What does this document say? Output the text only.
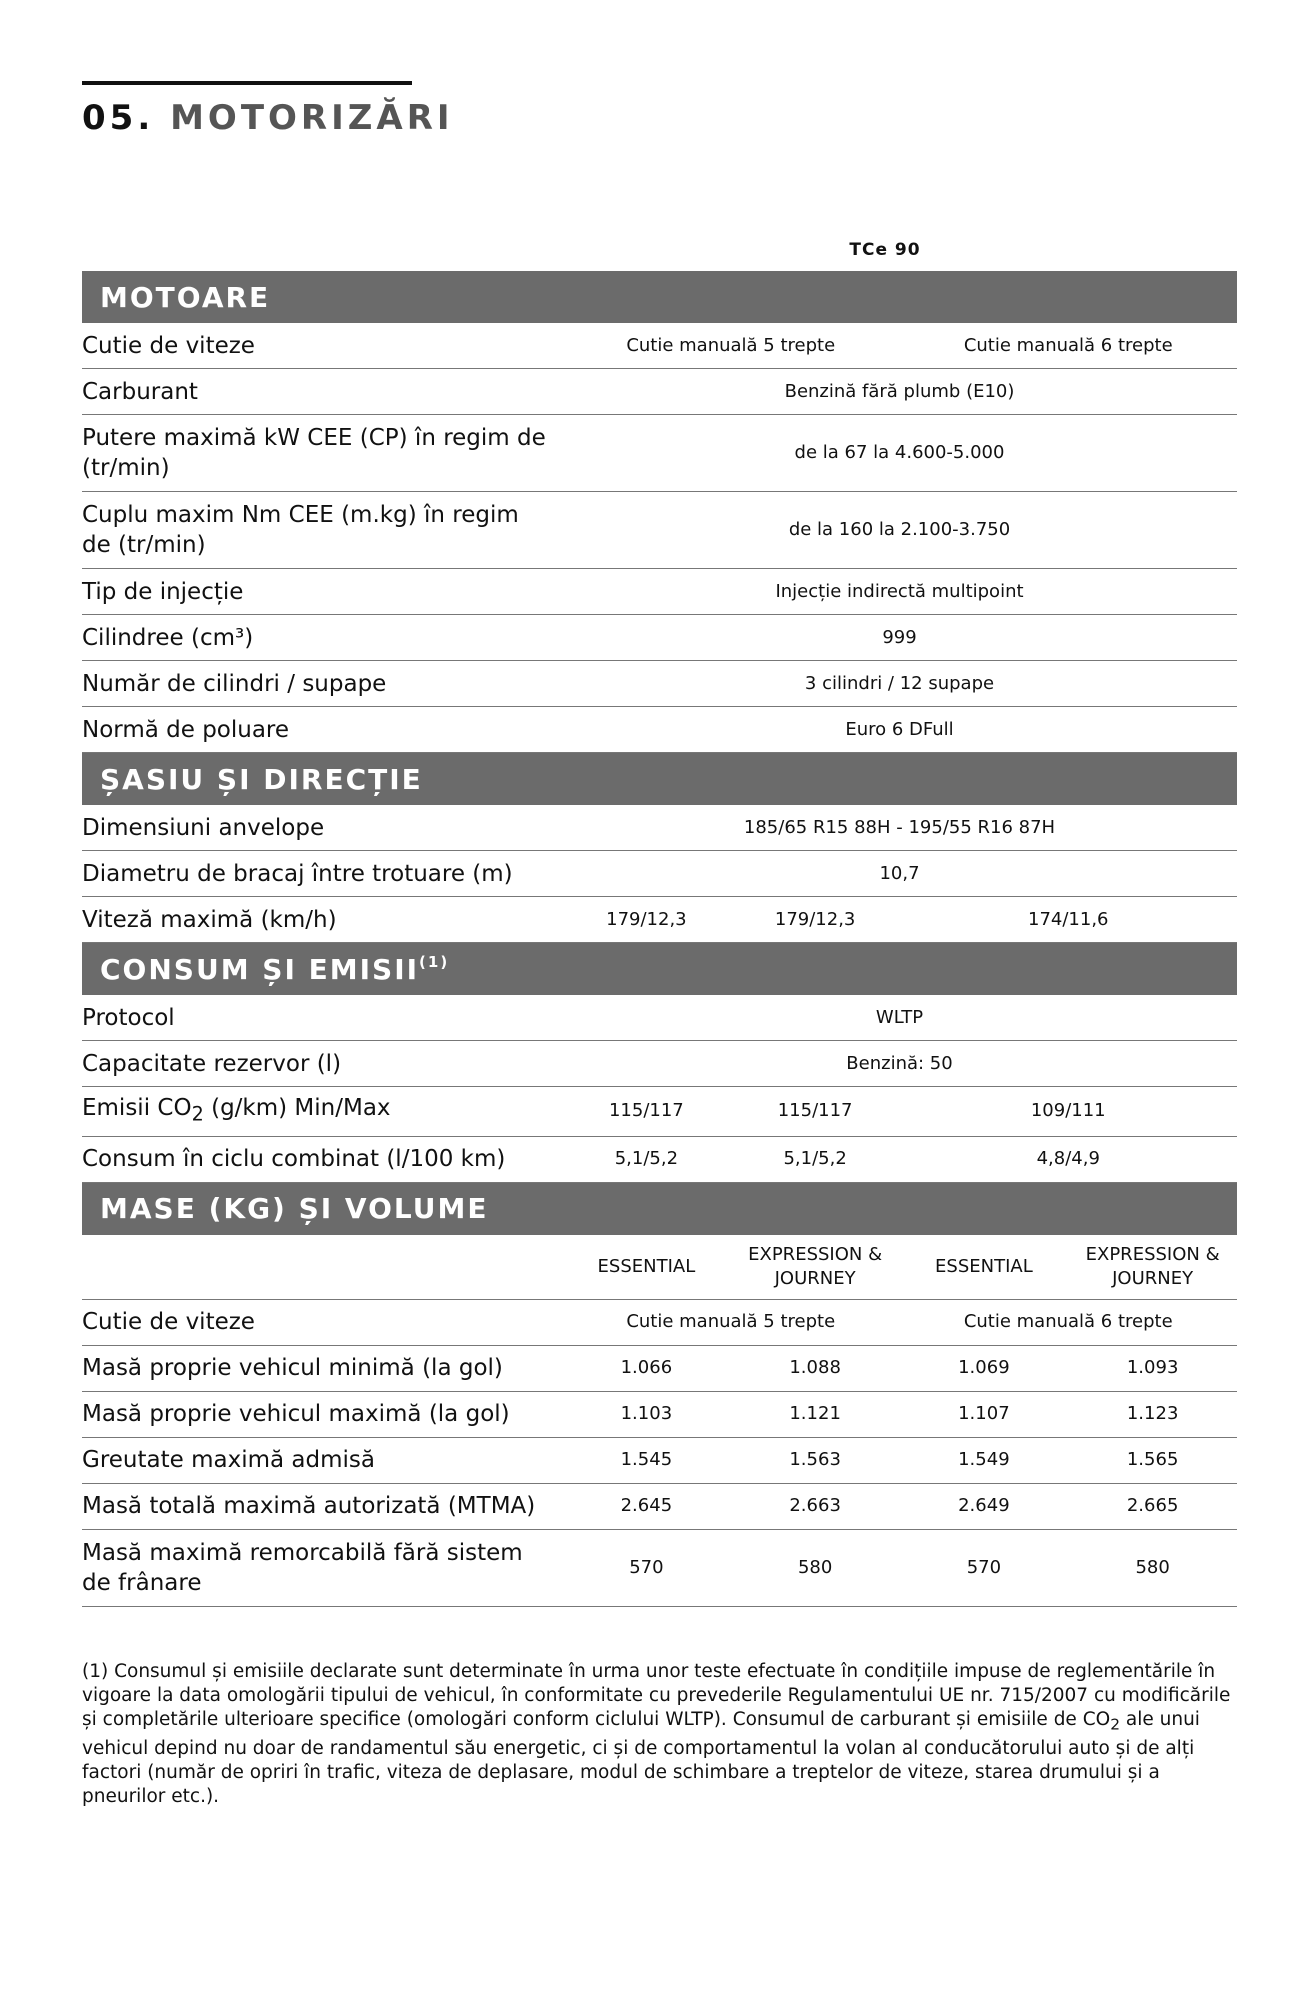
05. MOTORIZĂRI
TCe 90
MOTOARE				
Cutie de viteze	Cutie manuală 5 trepte		Cutie manuală 6 trepte	
Carburant	Benzină fără plumb (E10)			
Putere maximă kW CEE (CP) în regim de (tr/min)	de la 67 la 4.600-5.000			
Cuplu maxim Nm CEE (m.kg) în regim de (tr/min)	de la 160 la 2.100-3.750			
Tip de injecție	Injecție indirectă multipoint			
Cilindree (cm³)	999			
Număr de cilindri / supape	3 cilindri / 12 supape			
Normă de poluare	Euro 6 DFull			
ȘASIU ȘI DIRECȚIE				
Dimensiuni anvelope	185/65 R15 88H - 195/55 R16 87H			
Diametru de bracaj între trotuare (m)	10,7			
Viteză maximă (km/h)	179/12,3	179/12,3	174/11,6	
CONSUM ȘI EMISII$^{(1)}$
Protocol	WLTP			
Capacitate rezervor (l)	Benzină: 50			
Emisii $CO_2$ (g/km) Min/Max	115/117	115/117	109/111	
Consum în ciclu combinat (l/100 km)	5,1/5,2	5,1/5,2	4,8/4,9	
MASE (KG) ȘI VOLUME				
	ESSENTIAL	EXPRESSION & JOURNEY	ESSENTIAL	EXPRESSION & JOURNEY
Cutie de viteze	Cutie manuală 5 trepte		Cutie manuală 6 trepte	
Masă proprie vehicul minimă (la gol)	1.066	1.088	1.069	1.093
Masă proprie vehicul maximă (la gol)	1.103	1.121	1.107	1.123
Greutate maximă admisă	1.545	1.563	1.549	1.565
Masă totală maximă autorizată (MTMA)	2.645	2.663	2.649	2.665
Masă maximă remorcabilă fără sistem de frânare	570	580	570	580

(1) Consumul și emisiile declarate sunt determinate în urma unor teste efectuate în condițiile impuse de reglementările în vigoare la data omologării tipului de vehicul, în conformitate cu prevederile Regulamentului UE nr. 715/2007 cu modificările și completările ulterioare specifice (omologări conform ciclului WLTP). Consumul de carburant și emisiile de $CO_2$ ale unui vehicul depind nu doar de randamentul său energetic, ci și de comportamentul la volan al conducătorului auto și de alți factori (număr de opriri în trafic, viteza de deplasare, modul de schimbare a treptelor de viteze, starea drumului și a pneurilor etc.).
